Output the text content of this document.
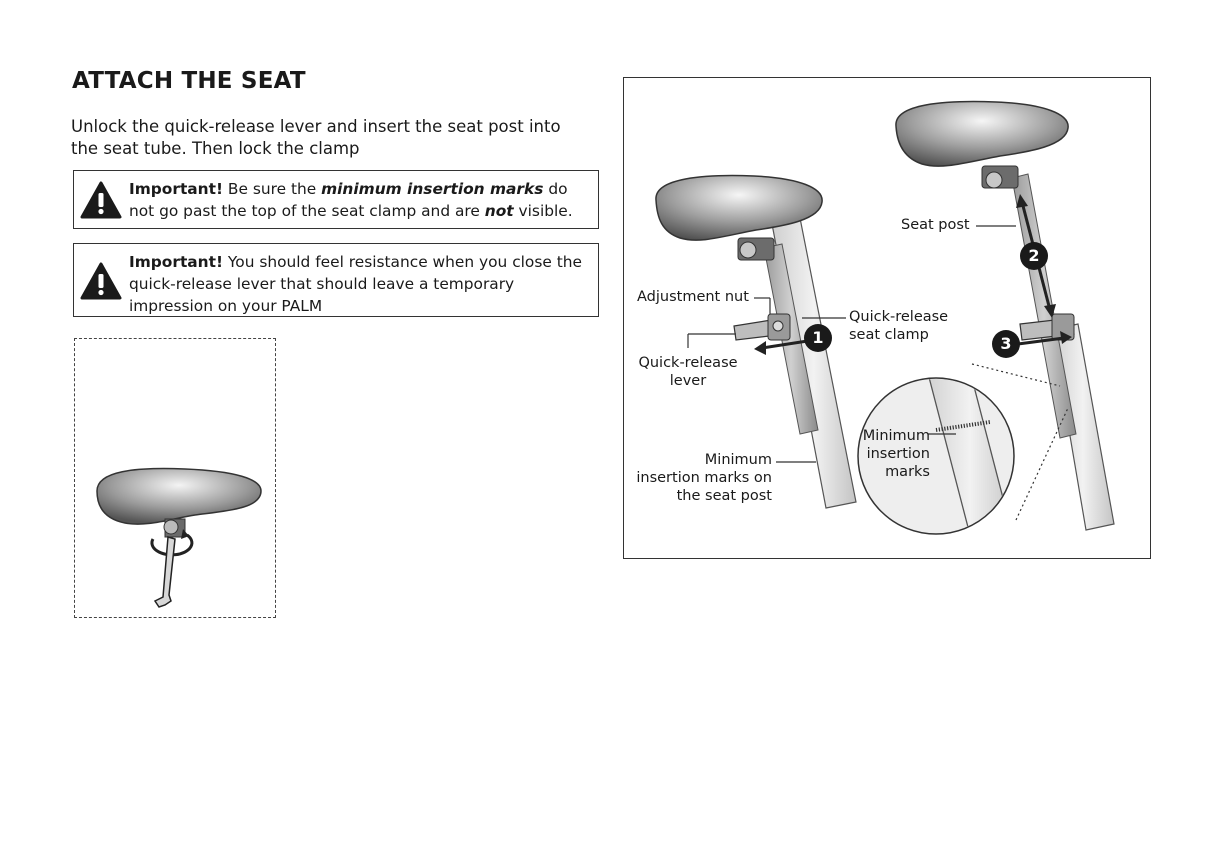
ATTACH THE SEAT
Unlock the quick-release lever and insert the seat post into
the seat tube. Then lock the clamp
Important! Be sure the minimum insertion marks do not go past the top of the seat clamp and are not visible.
Important! You should feel resistance when you close the quick-release lever that should leave a temporary impression on your PALM
1
2
3
Seat post
Adjustment nut
Quick-release
seat clamp
Quick-release
lever
Minimum
insertion marks on
the seat post
Minimum
insertion
marks
